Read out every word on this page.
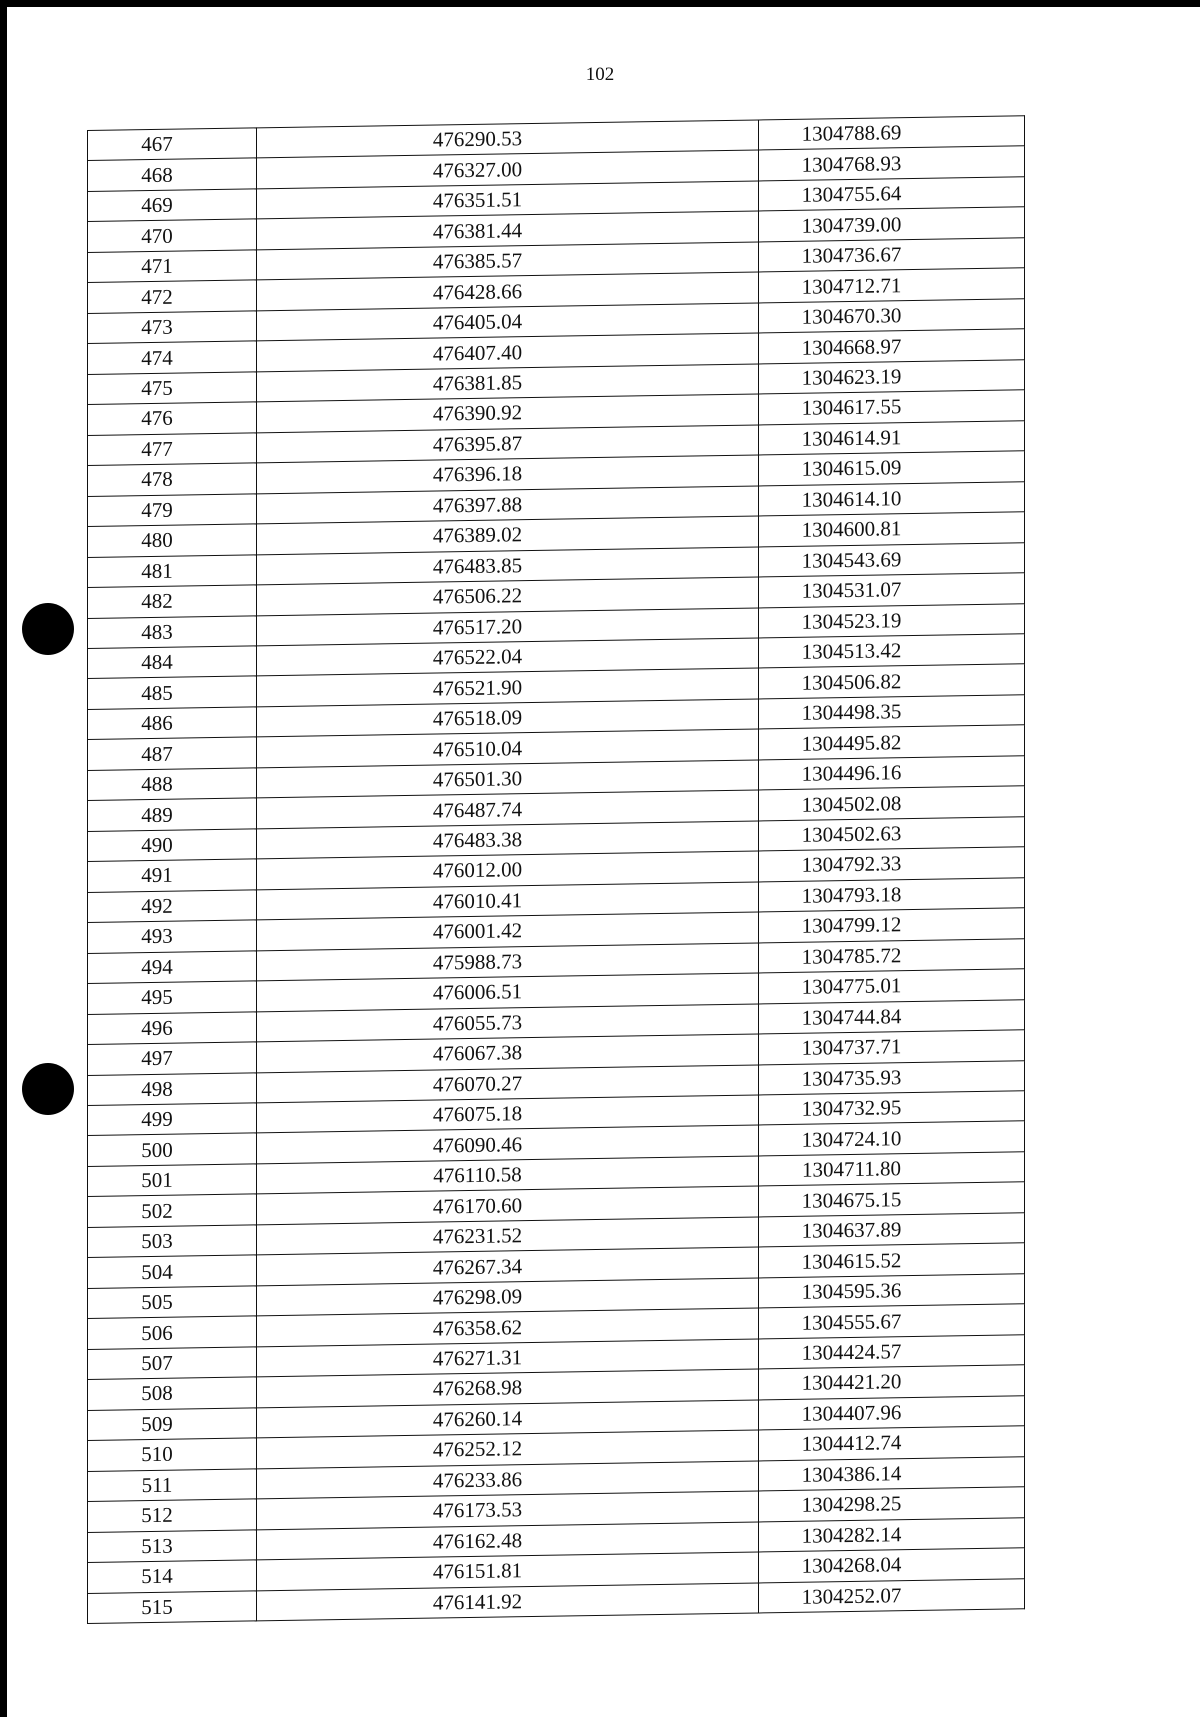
102
467	476290.53	1304788.69
468	476327.00	1304768.93
469	476351.51	1304755.64
470	476381.44	1304739.00
471	476385.57	1304736.67
472	476428.66	1304712.71
473	476405.04	1304670.30
474	476407.40	1304668.97
475	476381.85	1304623.19
476	476390.92	1304617.55
477	476395.87	1304614.91
478	476396.18	1304615.09
479	476397.88	1304614.10
480	476389.02	1304600.81
481	476483.85	1304543.69
482	476506.22	1304531.07
483	476517.20	1304523.19
484	476522.04	1304513.42
485	476521.90	1304506.82
486	476518.09	1304498.35
487	476510.04	1304495.82
488	476501.30	1304496.16
489	476487.74	1304502.08
490	476483.38	1304502.63
491	476012.00	1304792.33
492	476010.41	1304793.18
493	476001.42	1304799.12
494	475988.73	1304785.72
495	476006.51	1304775.01
496	476055.73	1304744.84
497	476067.38	1304737.71
498	476070.27	1304735.93
499	476075.18	1304732.95
500	476090.46	1304724.10
501	476110.58	1304711.80
502	476170.60	1304675.15
503	476231.52	1304637.89
504	476267.34	1304615.52
505	476298.09	1304595.36
506	476358.62	1304555.67
507	476271.31	1304424.57
508	476268.98	1304421.20
509	476260.14	1304407.96
510	476252.12	1304412.74
511	476233.86	1304386.14
512	476173.53	1304298.25
513	476162.48	1304282.14
514	476151.81	1304268.04
515	476141.92	1304252.07
